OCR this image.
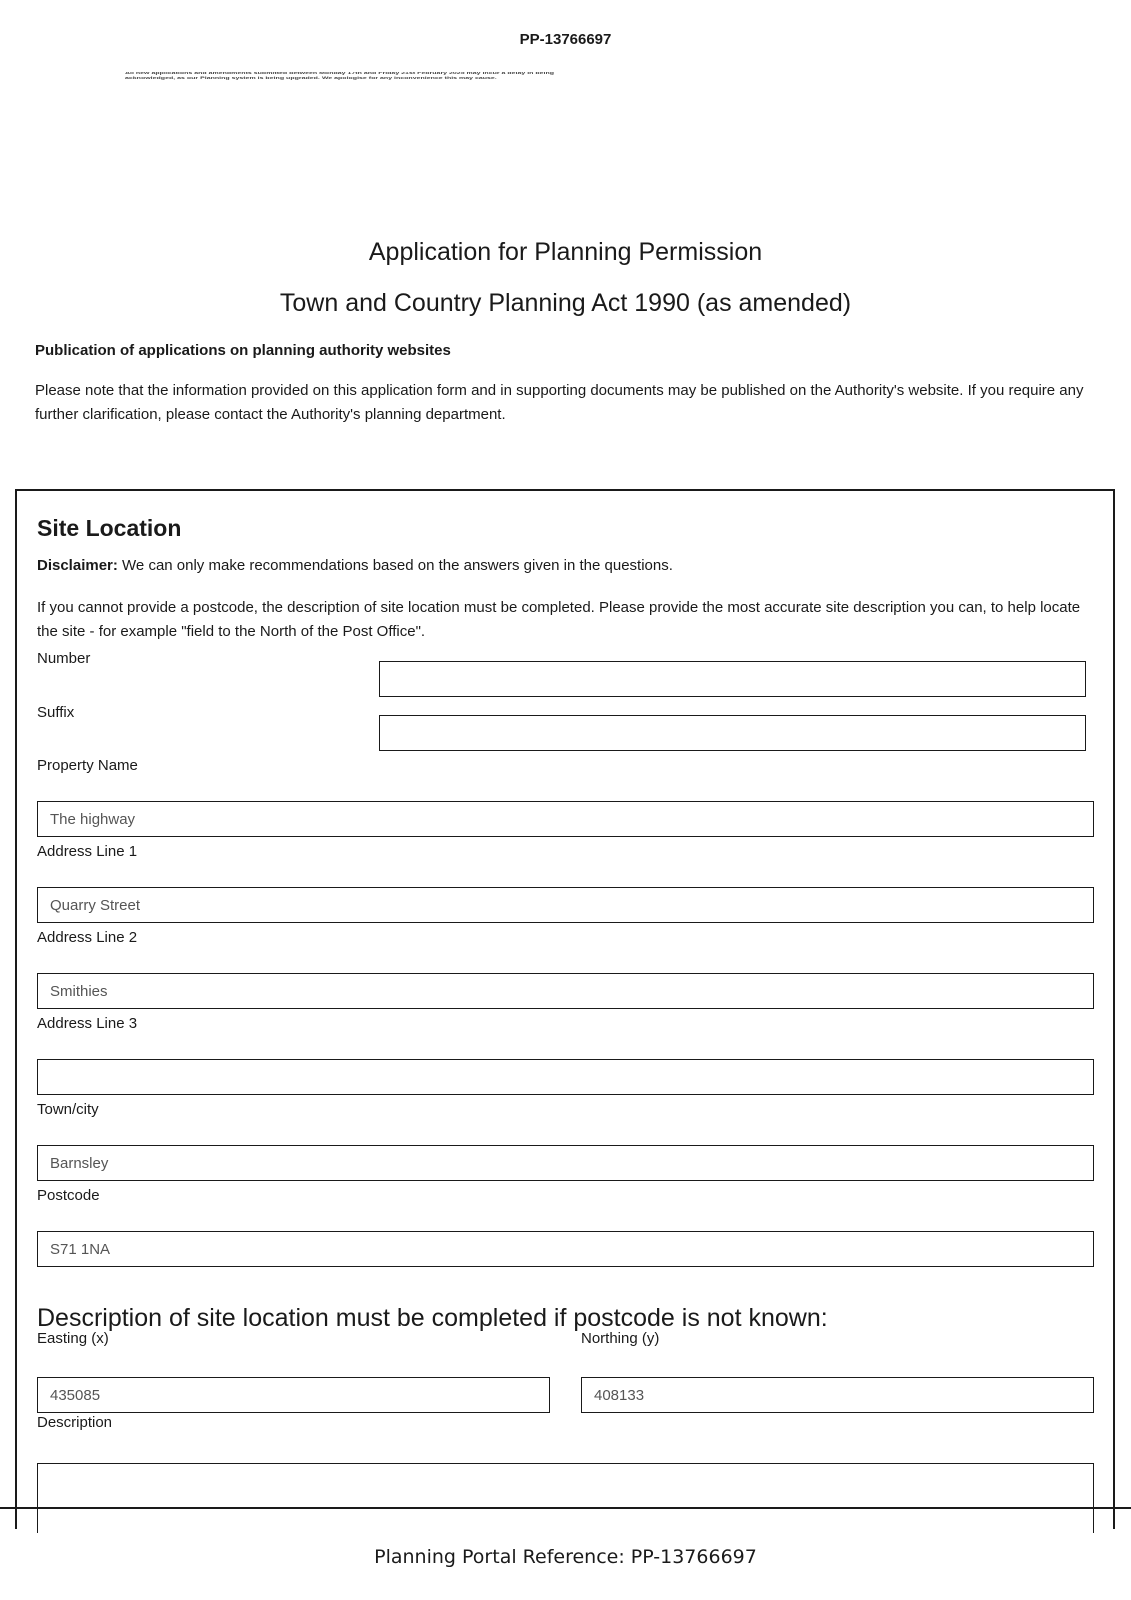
PP-13766697
All new applications and amendments submitted between Monday 17th and Friday 21st February 2025 may incur a delay in being
acknowledged, as our Planning system is being upgraded. We apologise for any inconvenience this may cause.
Application for Planning Permission
Town and Country Planning Act 1990 (as amended)
Publication of applications on planning authority websites
Please note that the information provided on this application form and in supporting documents may be published on the Authority's website. If you require any further clarification, please contact the Authority's planning department.
Site Location
Disclaimer: We can only make recommendations based on the answers given in the questions.
If you cannot provide a postcode, the description of site location must be completed. Please provide the most accurate site description you can, to help locate the site - for example "field to the North of the Post Office".
Number
Suffix
Property Name
The highway
Address Line 1
Quarry Street
Address Line 2
Smithies
Address Line 3
Town/city
Barnsley
Postcode
S71 1NA
Description of site location must be completed if postcode is not known:
Easting (x)
435085	Northing (y)
408133
Description
Planning Portal Reference: PP-13766697
